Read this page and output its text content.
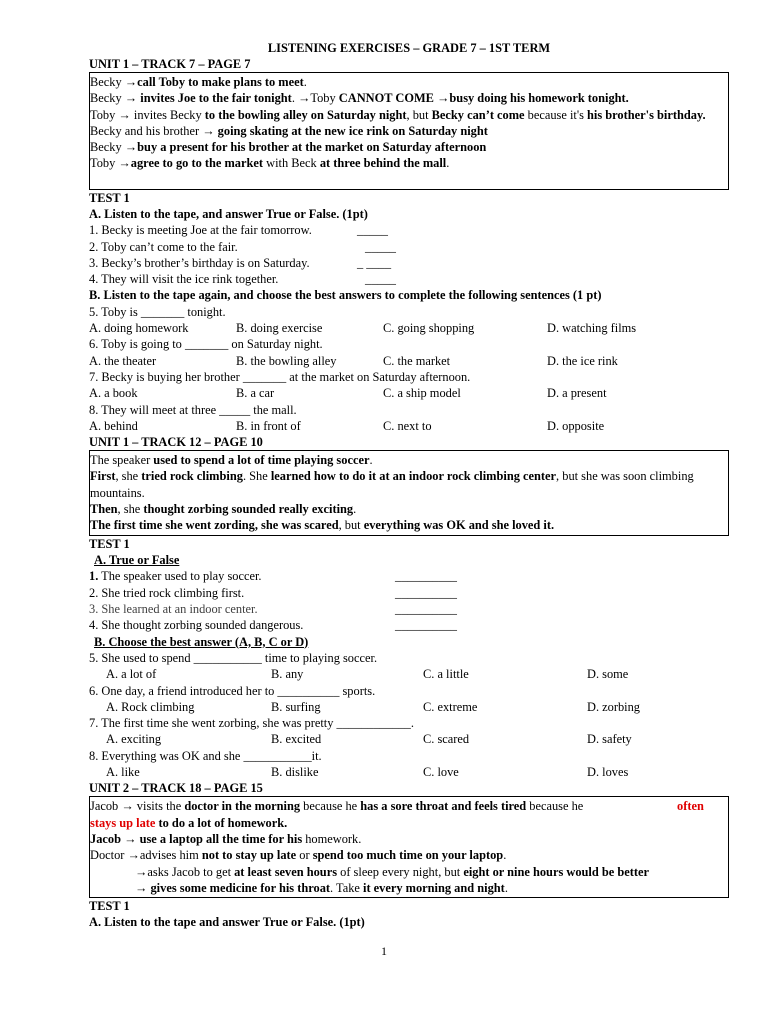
LISTENING EXERCISES – GRADE 7 – 1ST TERM
UNIT 1 – TRACK 7 – PAGE 7
Becky →call Toby to make plans to meet.
Becky → invites Joe to the fair tonight. →Toby CANNOT COME →busy doing his homework tonight.
Toby → invites Becky to the bowling alley on Saturday night, but Becky can’t come because it's his brother's birthday.
Becky and his brother → going skating at the new ice rink on Saturday night
Becky →buy a present for his brother at the market on Saturday afternoon
Toby →agree to go to the market with Beck at three behind the mall.
TEST 1
A. Listen to the tape, and answer True or False. (1pt)
1. Becky is meeting Joe at the fair tomorrow.	_____
2. Toby can’t come to the fair.	_____
3. Becky’s brother’s birthday is on Saturday.	_ ____
4. They will visit the ice rink together.	_____
B. Listen to the tape again, and choose the best answers to complete the following sentences (1 pt)
5. Toby is _______ tonight.
A. doing homework	B. doing exercise	C. going shopping	D. watching films
6. Toby is going to _______ on Saturday night.
A. the theater	B. the bowling alley	C. the market	D. the ice rink
7. Becky is buying her brother _______ at the market on Saturday afternoon.
A. a book	B. a car	C. a ship model	D. a present
8. They will meet at three _____ the mall.
A. behind	B. in front of	C. next to	D. opposite
UNIT 1 – TRACK 12 – PAGE 10
The speaker used to spend a lot of time playing soccer.
First, she tried rock climbing. She learned how to do it at an indoor rock climbing center, but she was soon climbing mountains.
Then, she thought zorbing sounded really exciting.
The first time she went zording, she was scared, but everything was OK and she loved it.
TEST 1
A. True or False
1. The speaker used to play soccer.	__________
2. She tried rock climbing first.	__________
3. She learned at an indoor center.	__________
4. She thought zorbing sounded dangerous.	__________
B. Choose the best answer (A, B, C or D)
5. She used to spend ___________ time to playing soccer.
A. a lot of	B. any	C. a little	D. some
6. One day, a friend introduced her to __________ sports.
A. Rock climbing	B. surfing	C. extreme	D. zorbing
7. The first time she went zorbing, she was pretty ____________.
A. exciting	B. excited	C. scared	D. safety
8. Everything was OK and she ___________it.
A. like	B. dislike	C. love	D. loves
UNIT 2 – TRACK 18 – PAGE 15
Jacob → visits the doctor in the morning because he has a sore throat and feels tired because he	often
stays up late to do a lot of homework.
Jacob → use a laptop all the time for his homework.
Doctor →advises him not to stay up late or spend too much time on your laptop.
→asks Jacob to get at least seven hours of sleep every night, but eight or nine hours would be better
→ gives some medicine for his throat. Take it every morning and night.
TEST 1
A. Listen to the tape and answer True or False. (1pt)
1
